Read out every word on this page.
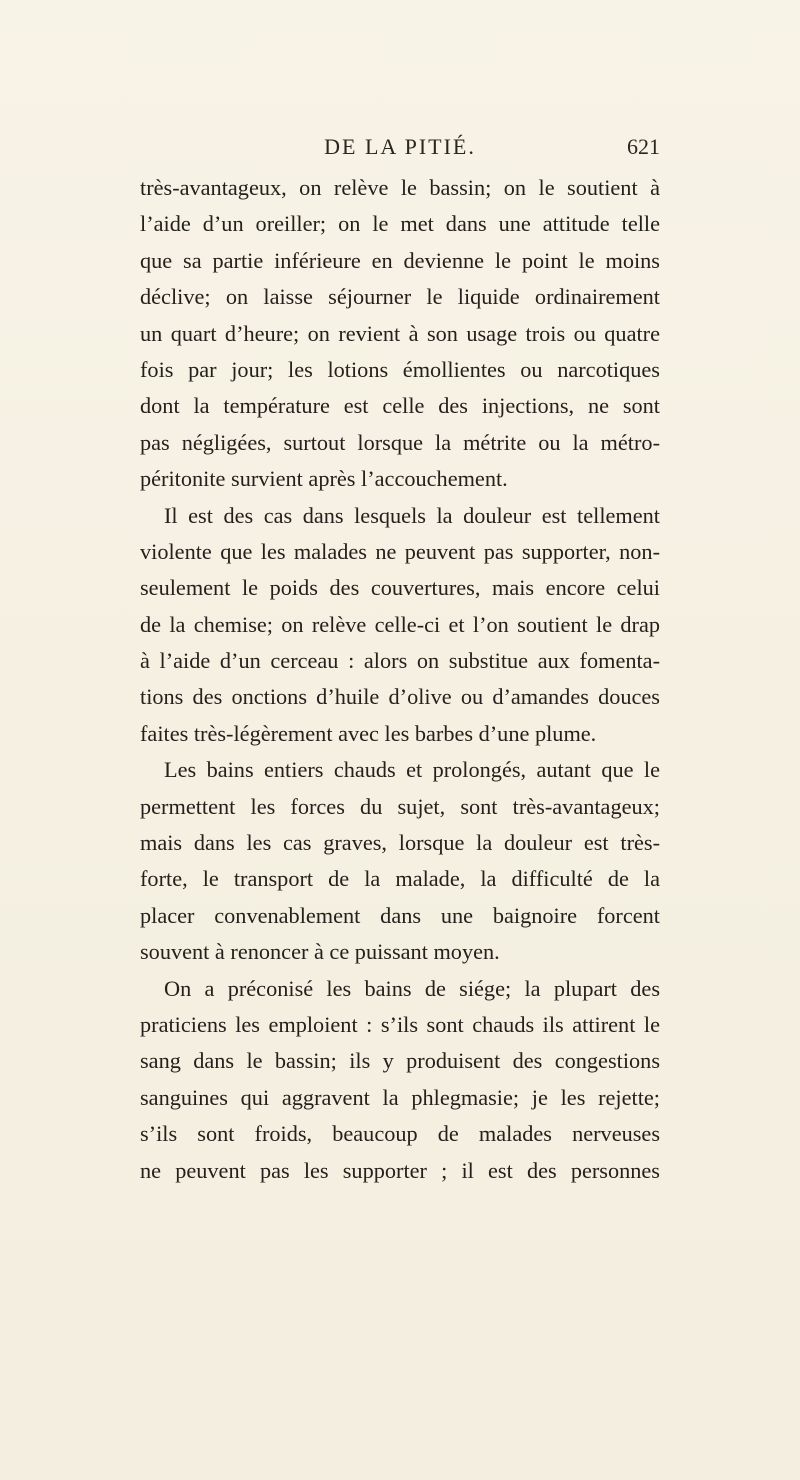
DE LA PITIÉ.	621
très-avantageux, on relève le bassin; on le soutient à
l’aide d’un oreiller; on le met dans une attitude telle
que sa partie inférieure en devienne le point le moins
déclive; on laisse séjourner le liquide ordinairement
un quart d’heure; on revient à son usage trois ou quatre
fois par jour; les lotions émollientes ou narcotiques
dont la température est celle des injections, ne sont
pas négligées, surtout lorsque la métrite ou la métro-
péritonite survient après l’accouchement.
Il est des cas dans lesquels la douleur est tellement
violente que les malades ne peuvent pas supporter, non-
seulement le poids des couvertures, mais encore celui
de la chemise; on relève celle-ci et l’on soutient le drap
à l’aide d’un cerceau : alors on substitue aux fomenta-
tions des onctions d’huile d’olive ou d’amandes douces
faites très-légèrement avec les barbes d’une plume.
Les bains entiers chauds et prolongés, autant que le
permettent les forces du sujet, sont très-avantageux;
mais dans les cas graves, lorsque la douleur est très-
forte, le transport de la malade, la difficulté de la
placer convenablement dans une baignoire forcent
souvent à renoncer à ce puissant moyen.
On a préconisé les bains de siége; la plupart des
praticiens les emploient : s’ils sont chauds ils attirent le
sang dans le bassin; ils y produisent des congestions
sanguines qui aggravent la phlegmasie; je les rejette;
s’ils sont froids, beaucoup de malades nerveuses
ne peuvent pas les supporter ; il est des personnes
